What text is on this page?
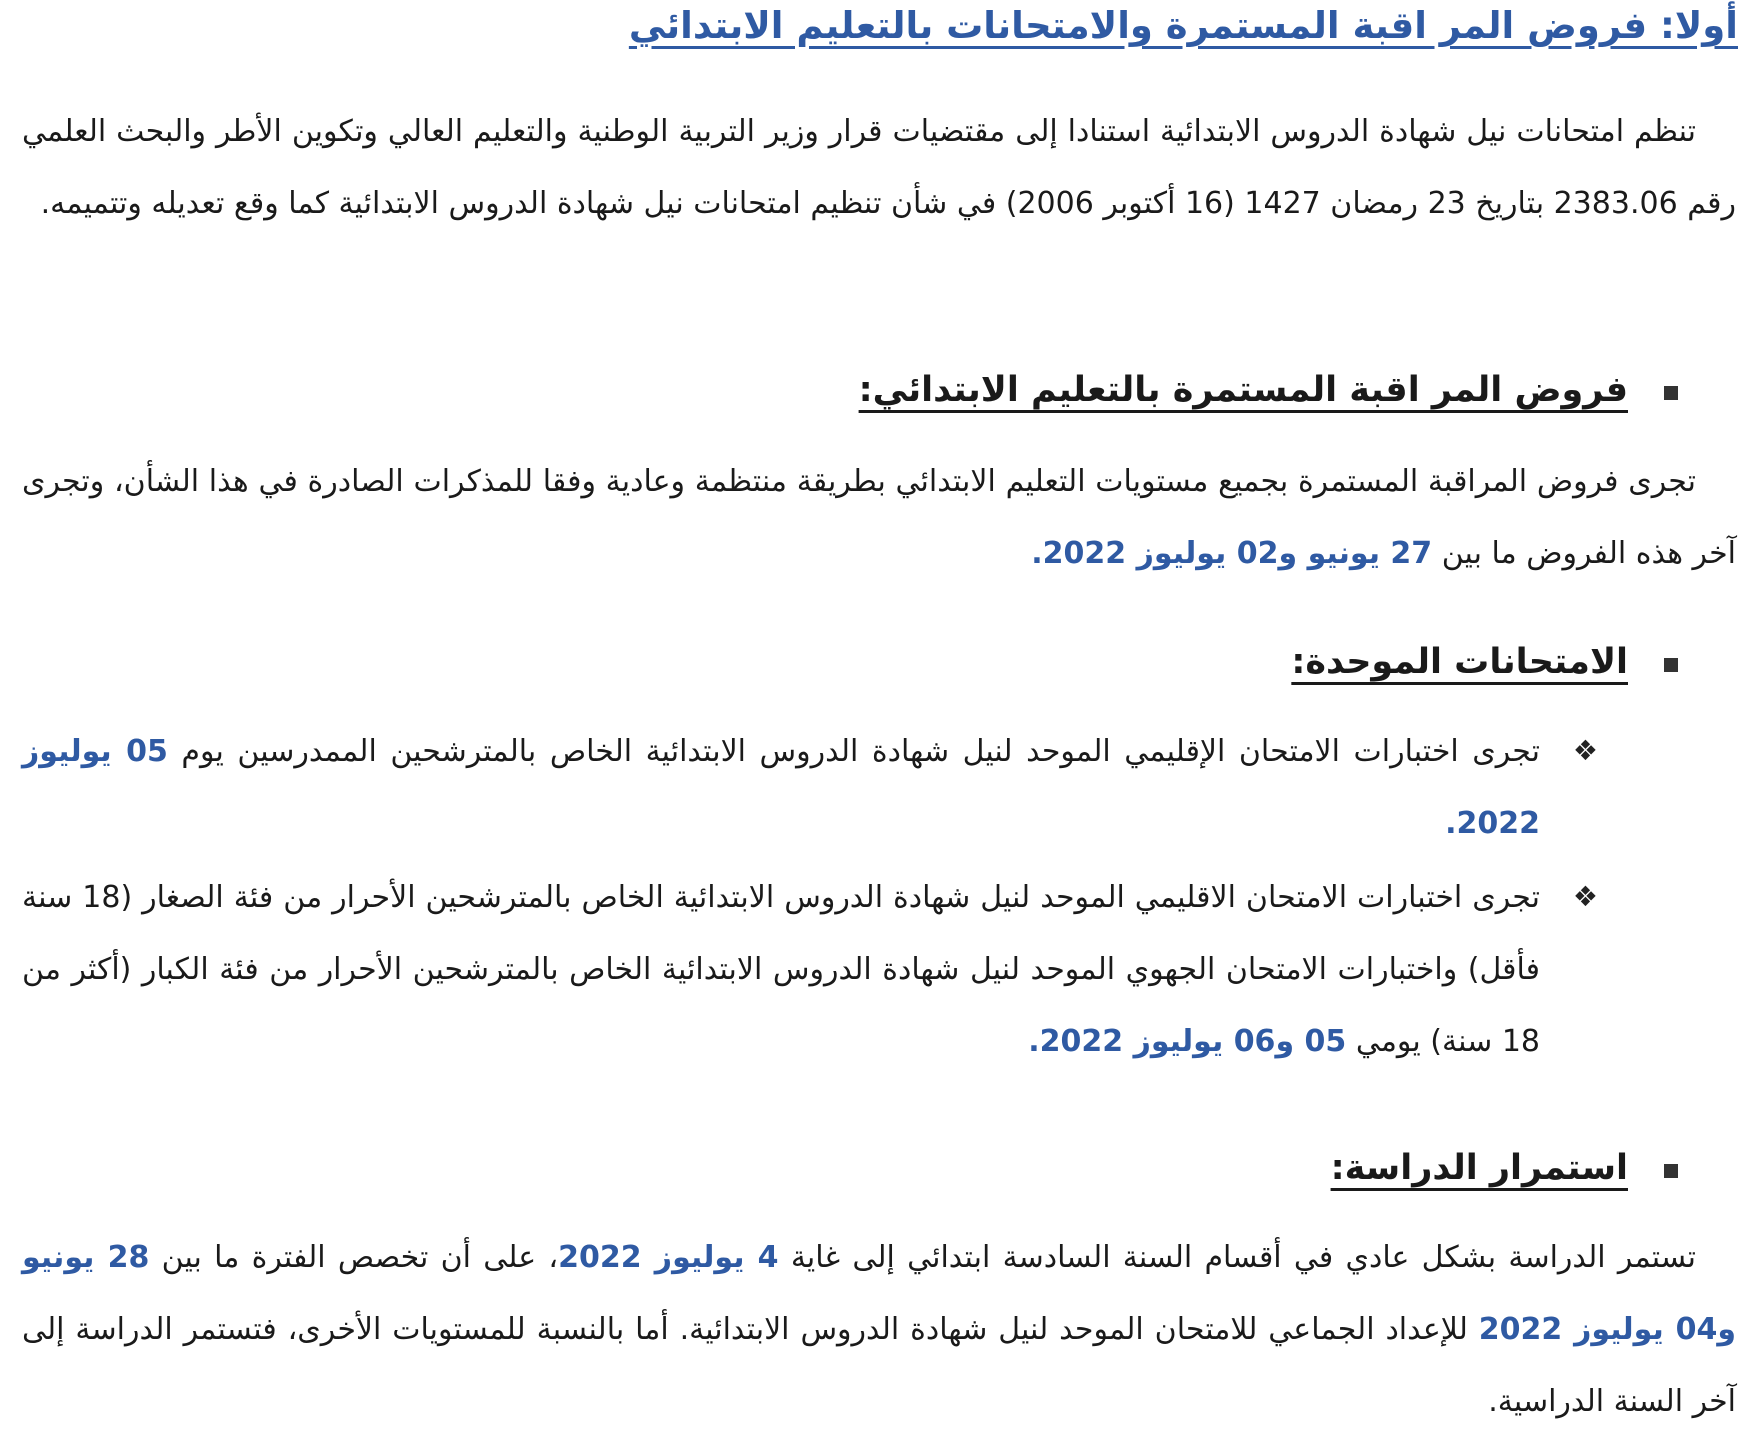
أولا: فروض المر اقبة المستمرة والامتحانات بالتعليم الابتدائي
تنظم امتحانات نيل شهادة الدروس الابتدائية استنادا إلى مقتضيات قرار وزير التربية الوطنية والتعليم العالي وتكوين الأطر والبحث العلمي رقم 2383.06 بتاريخ 23 رمضان 1427 (16 أكتوبر 2006) في شأن تنظيم امتحانات نيل شهادة الدروس الابتدائية كما وقع تعديله وتتميمه.
فروض المر اقبة المستمرة بالتعليم الابتدائي:
تجرى فروض المراقبة المستمرة بجميع مستويات التعليم الابتدائي بطريقة منتظمة وعادية وفقا للمذكرات الصادرة في هذا الشأن، وتجرى آخر هذه الفروض ما بين 27 يونيو و02 يوليوز 2022.
الامتحانات الموحدة:
❖
تجرى اختبارات الامتحان الإقليمي الموحد لنيل شهادة الدروس الابتدائية الخاص بالمترشحين الممدرسين يوم 05 يوليوز 2022.
❖
تجرى اختبارات الامتحان الاقليمي الموحد لنيل شهادة الدروس الابتدائية الخاص بالمترشحين الأحرار من فئة الصغار (18 سنة فأقل) واختبارات الامتحان الجهوي الموحد لنيل شهادة الدروس الابتدائية الخاص بالمترشحين الأحرار من فئة الكبار (أكثر من 18 سنة) يومي 05 و06 يوليوز 2022.
استمرار الدراسة:
تستمر الدراسة بشكل عادي في أقسام السنة السادسة ابتدائي إلى غاية 4 يوليوز 2022، على أن تخصص الفترة ما بين 28 يونيو و04 يوليوز 2022 للإعداد الجماعي للامتحان الموحد لنيل شهادة الدروس الابتدائية. أما بالنسبة للمستويات الأخرى، فتستمر الدراسة إلى آخر السنة الدراسية.
